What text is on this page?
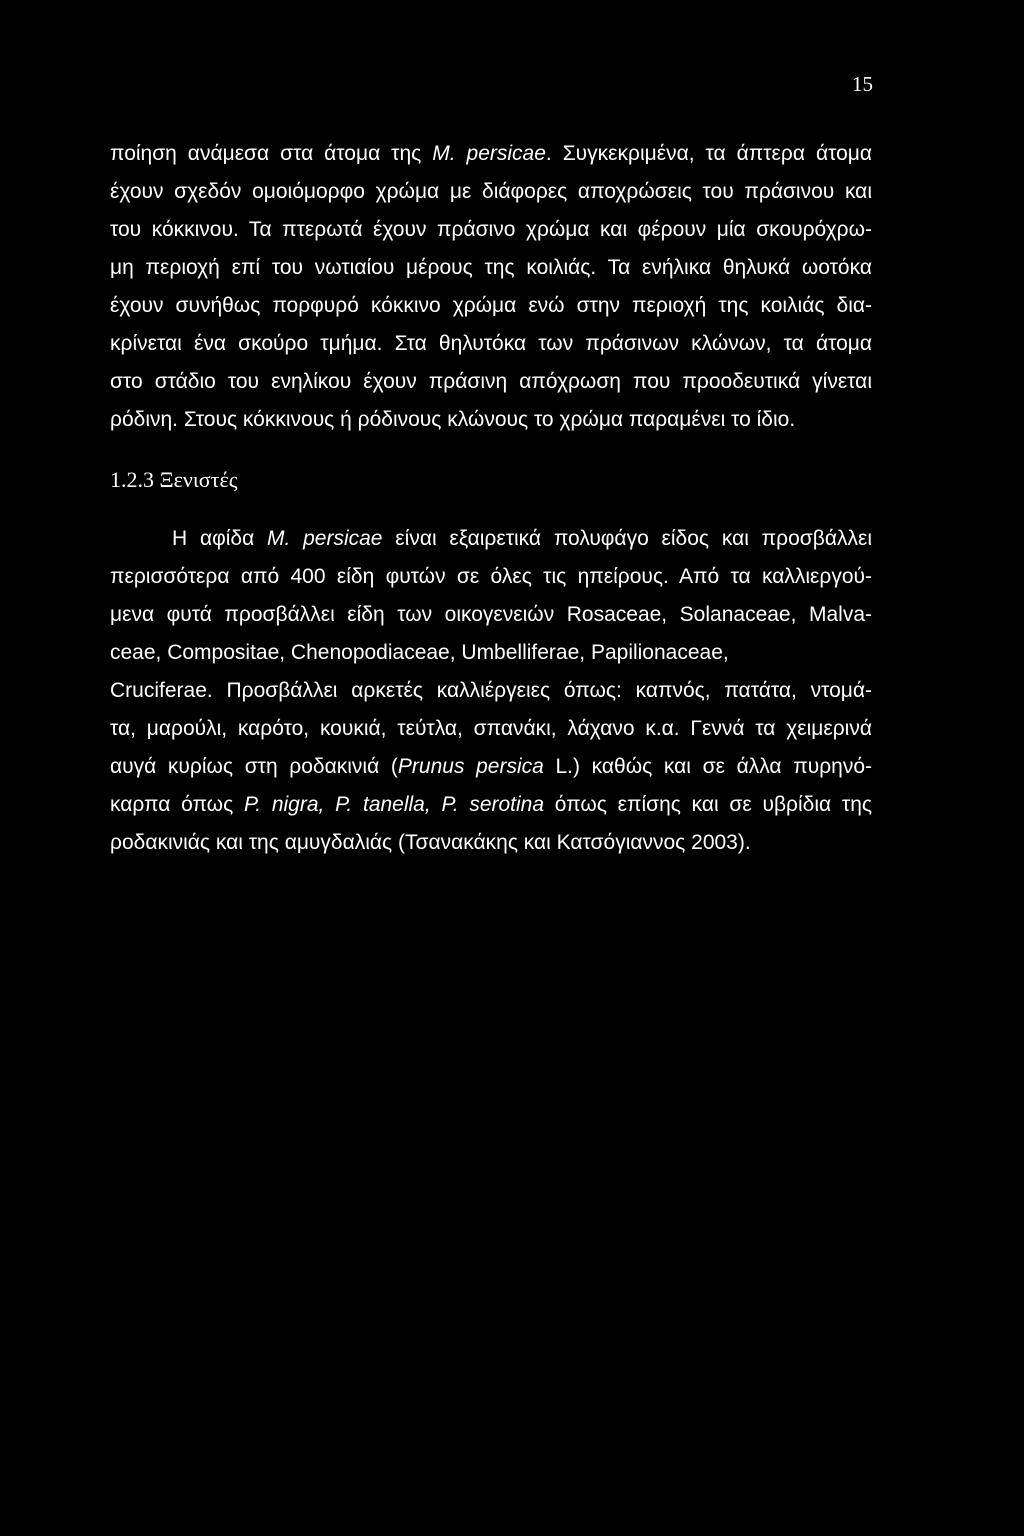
15
ποίηση ανάμεσα στα άτομα της M. persicae. Συγκεκριμένα, τα άπτερα άτομα
έχουν σχεδόν ομοιόμορφο χρώμα με διάφορες αποχρώσεις του πράσινου και
του κόκκινου. Τα πτερωτά έχουν πράσινο χρώμα και φέρουν μία σκουρόχρω-
μη περιοχή επί του νωτιαίου μέρους της κοιλιάς. Τα ενήλικα θηλυκά ωοτόκα
έχουν συνήθως πορφυρό κόκκινο χρώμα ενώ στην περιοχή της κοιλιάς δια-
κρίνεται ένα σκούρο τμήμα. Στα θηλυτόκα των πράσινων κλώνων, τα άτομα
στο στάδιο του ενηλίκου έχουν πράσινη απόχρωση που προοδευτικά γίνεται
ρόδινη. Στους κόκκινους ή ρόδινους κλώνους το χρώμα παραμένει το ίδιο.
1.2.3 Ξενιστές
Η αφίδα M. persicae είναι εξαιρετικά πολυφάγο είδος και προσβάλλει
περισσότερα από 400 είδη φυτών σε όλες τις ηπείρους. Από τα καλλιεργού-
μενα φυτά προσβάλλει είδη των οικογενειών Rosaceae, Solanaceae, Malva-
ceae, Compositae, Chenopodiaceae, Umbelliferae, Papilionaceae,
Cruciferae. Προσβάλλει αρκετές καλλιέργειες όπως: καπνός, πατάτα, ντομά-
τα, μαρούλι, καρότο, κουκιά, τεύτλα, σπανάκι, λάχανο κ.α. Γεννά τα χειμερινά
αυγά κυρίως στη ροδακινιά (Prunus persica L.) καθώς και σε άλλα πυρηνό-
καρπα όπως P. nigra, P. tanella, P. serotina όπως επίσης και σε υβρίδια της
ροδακινιάς και της αμυγδαλιάς (Τσανακάκης και Κατσόγιαννος 2003).
